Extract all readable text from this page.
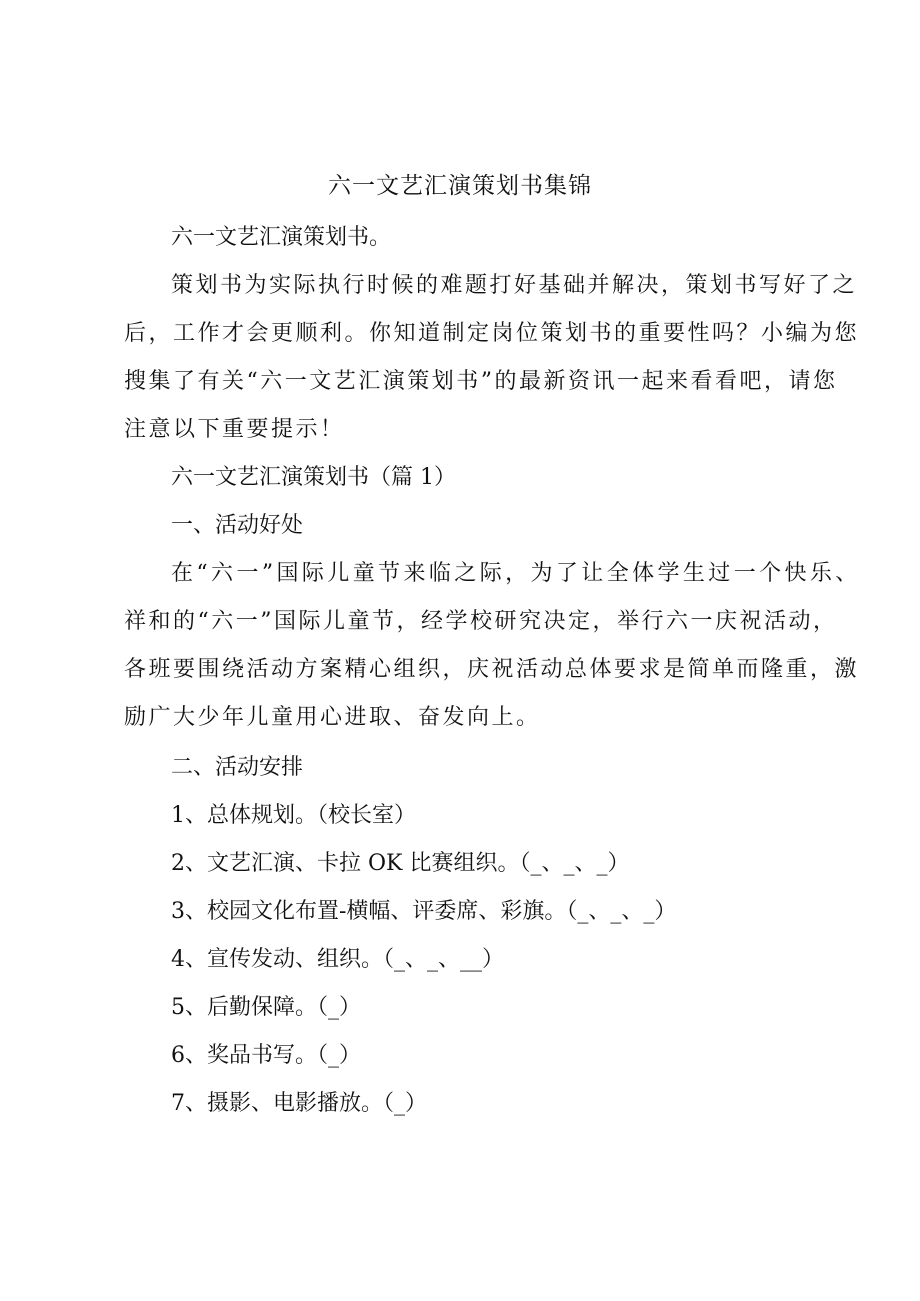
六一文艺汇演策划书集锦

六一文艺汇演策划书。

策划书为实际执行时候的难题打好基础并解决，策划书写好了之

后，工作才会更顺利。你知道制定岗位策划书的重要性吗？小编为您

搜集了有关“六一文艺汇演策划书”的最新资讯一起来看看吧，请您

注意以下重要提示！

六一文艺汇演策划书（篇 1）

一、活动好处

在“六一”国际儿童节来临之际，为了让全体学生过一个快乐、

祥和的“六一”国际儿童节，经学校研究决定，举行六一庆祝活动，

各班要围绕活动方案精心组织，庆祝活动总体要求是简单而隆重，激

励广大少年儿童用心进取、奋发向上。

二、活动安排

1、总体规划。（校长室）

2、文艺汇演、卡拉 OK 比赛组织。（_、_、_）

3、校园文化布置-横幅、评委席、彩旗。（_、_、_）

4、宣传发动、组织。（_、_、__）

5、后勤保障。（_）

6、奖品书写。（_）

7、摄影、电影播放。（_）
